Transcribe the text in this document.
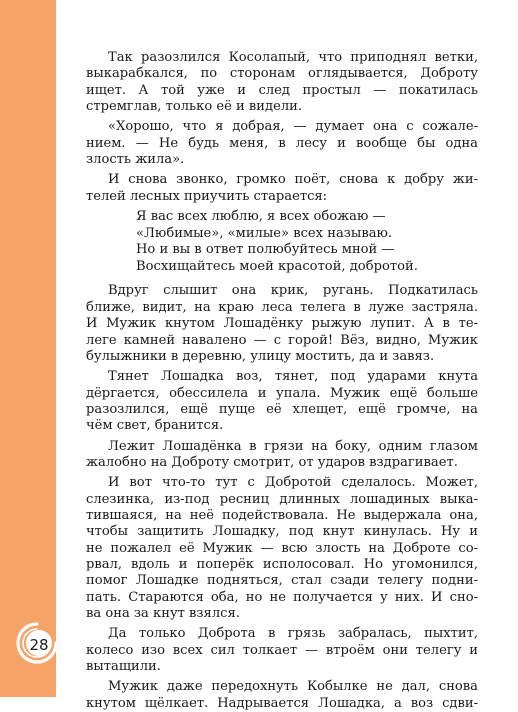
28
Так разозлился Косолапый, что приподнял ветки,
выкарабкался, по сторонам оглядывается, Доброту
ищет. А той уже и след простыл — покатилась
стремглав, только её и видели.
«Хорошо, что я добрая, — думает она с сожале-
нием. — Не будь меня, в лесу и вообще бы одна
злость жила».
И снова звонко, громко поёт, снова к добру жи-
телей лесных приучить старается:
Я вас всех люблю, я всех обожаю —
«Любимые», «милые» всех называю.
Но и вы в ответ полюбуйтесь мной —
Восхищайтесь моей красотой, добротой.
Вдруг слышит она крик, ругань. Подкатилась
ближе, видит, на краю леса телега в луже застряла.
И Мужик кнутом Лошадёнку рыжую лупит. А в те-
леге камней навалено — с горой! Вёз, видно, Мужик
булыжники в деревню, улицу мостить, да и завяз.
Тянет Лошадка воз, тянет, под ударами кнута
дёргается, обессилела и упала. Мужик ещё больше
разозлился, ещё пуще её хлещет, ещё громче, на
чём свет, бранится.
Лежит Лошадёнка в грязи на боку, одним глазом
жалобно на Доброту смотрит, от ударов вздрагивает.
И вот что-то тут с Добротой сделалось. Может,
слезинка, из-под ресниц длинных лошадиных выка-
тившаяся, на неё подействовала. Не выдержала она,
чтобы защитить Лошадку, под кнут кинулась. Ну и
не пожалел её Мужик — всю злость на Доброте со-
рвал, вдоль и поперёк исполосовал. Но угомонился,
помог Лошадке подняться, стал сзади телегу подни-
пать. Стараются оба, но не получается у них. И сно-
ва она за кнут взялся.
Да только Доброта в грязь забралась, пыхтит,
колесо изо всех сил толкает — втроём они телегу и
вытащили.
Мужик даже передохнуть Кобылке не дал, снова
кнутом щёлкает. Надрывается Лошадка, а воз сдви-
